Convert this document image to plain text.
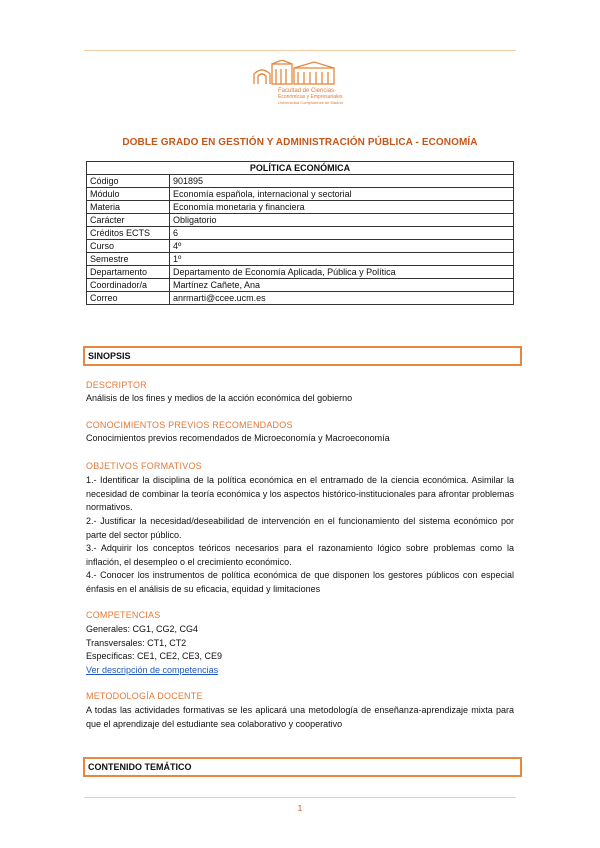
Facultad de Ciencias
Económicas y Empresariales
Universidad Complutense de Madrid
DOBLE GRADO EN GESTIÓN Y ADMINISTRACIÓN PÚBLICA - ECONOMÍA
POLÍTICA ECONÓMICA	
Código	901895
Módulo	Economía española, internacional y sectorial
Materia	Economía monetaria y financiera
Carácter	Obligatorio
Créditos ECTS	6
Curso	4º
Semestre	1º
Departamento	Departamento de Economía Aplicada, Pública y Política
Coordinador/a	Martínez Cañete, Ana
Correo	anrmarti@ccee.ucm.es
SINOPSIS
DESCRIPTOR
Análisis de los fines y medios de la acción económica del gobierno
CONOCIMIENTOS PREVIOS RECOMENDADOS
Conocimientos previos recomendados de Microeconomía y Macroeconomía
OBJETIVOS FORMATIVOS
1.- Identificar la disciplina de la política económica en el entramado de la ciencia económica. Asimilar la necesidad de combinar la teoría económica y los aspectos histórico-institucionales para afrontar problemas normativos.
2.- Justificar la necesidad/deseabilidad de intervención en el funcionamiento del sistema económico por parte del sector público.
3.- Adquirir los conceptos teóricos necesarios para el razonamiento lógico sobre problemas como la inflación, el desempleo o el crecimiento económico.
4.- Conocer los instrumentos de política económica de que disponen los gestores públicos con especial énfasis en el análisis de su eficacia, equidad y limitaciones
COMPETENCIAS
Generales: CG1, CG2, CG4
Transversales: CT1, CT2
Específicas: CE1, CE2, CE3, CE9
Ver descripción de competencias
METODOLOGÍA DOCENTE
A todas las actividades formativas se les aplicará una metodología de enseñanza-aprendizaje mixta para que el aprendizaje del estudiante sea colaborativo y cooperativo
CONTENIDO TEMÁTICO
1
